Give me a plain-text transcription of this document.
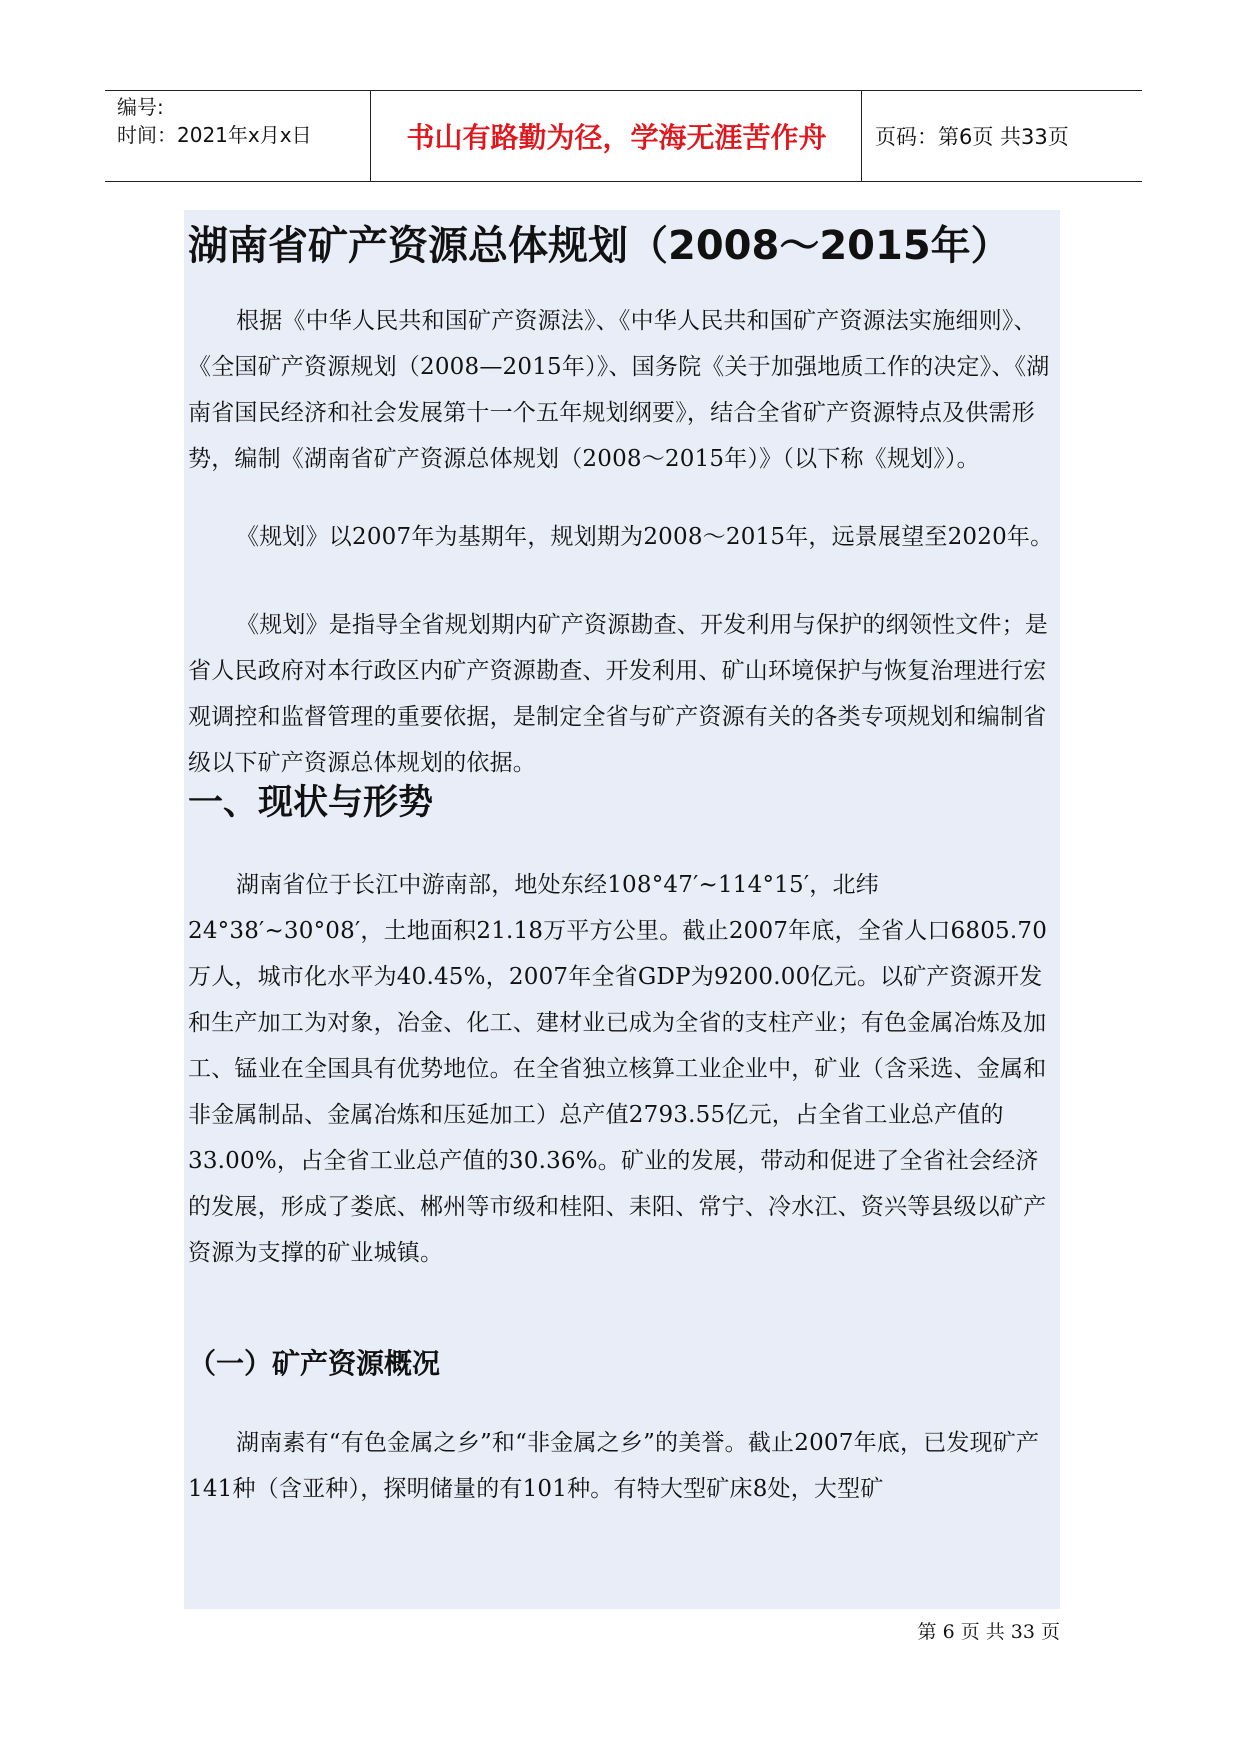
编号:
时间：2021年x月x日	书山有路勤为径，学海无涯苦作舟	页码：第6页 共33页
湖南省矿产资源总体规划（2008～2015年）

根据《中华人民共和国矿产资源法》、《中华人民共和国矿产资源法实施细则》、《全国矿产资源规划（2008—2015年）》、国务院《关于加强地质工作的决定》、《湖南省国民经济和社会发展第十一个五年规划纲要》，结合全省矿产资源特点及供需形势，编制《湖南省矿产资源总体规划（2008～2015年）》（以下称《规划》）。

《规划》以2007年为基期年，规划期为2008～2015年，远景展望至2020年。

《规划》是指导全省规划期内矿产资源勘查、开发利用与保护的纲领性文件；是省人民政府对本行政区内矿产资源勘查、开发利用、矿山环境保护与恢复治理进行宏观调控和监督管理的重要依据，是制定全省与矿产资源有关的各类专项规划和编制省级以下矿产资源总体规划的依据。

一、现状与形势

湖南省位于长江中游南部，地处东经108°47′~114°15′，北纬24°38′~30°08′，土地面积21.18万平方公里。截止2007年底，全省人口6805.70万人，城市化水平为40.45%，2007年全省GDP为9200.00亿元。以矿产资源开发和生产加工为对象，冶金、化工、建材业已成为全省的支柱产业；有色金属冶炼及加工、锰业在全国具有优势地位。在全省独立核算工业企业中，矿业（含采选、金属和非金属制品、金属冶炼和压延加工）总产值2793.55亿元，占全省工业总产值的33.00%，占全省工业总产值的30.36%。矿业的发展，带动和促进了全省社会经济的发展，形成了娄底、郴州等市级和桂阳、耒阳、常宁、冷水江、资兴等县级以矿产资源为支撑的矿业城镇。

（一）矿产资源概况

湖南素有“有色金属之乡”和“非金属之乡”的美誉。截止2007年底，已发现矿产141种（含亚种），探明储量的有101种。有特大型矿床8处，大型矿

第 6 页 共 33 页
